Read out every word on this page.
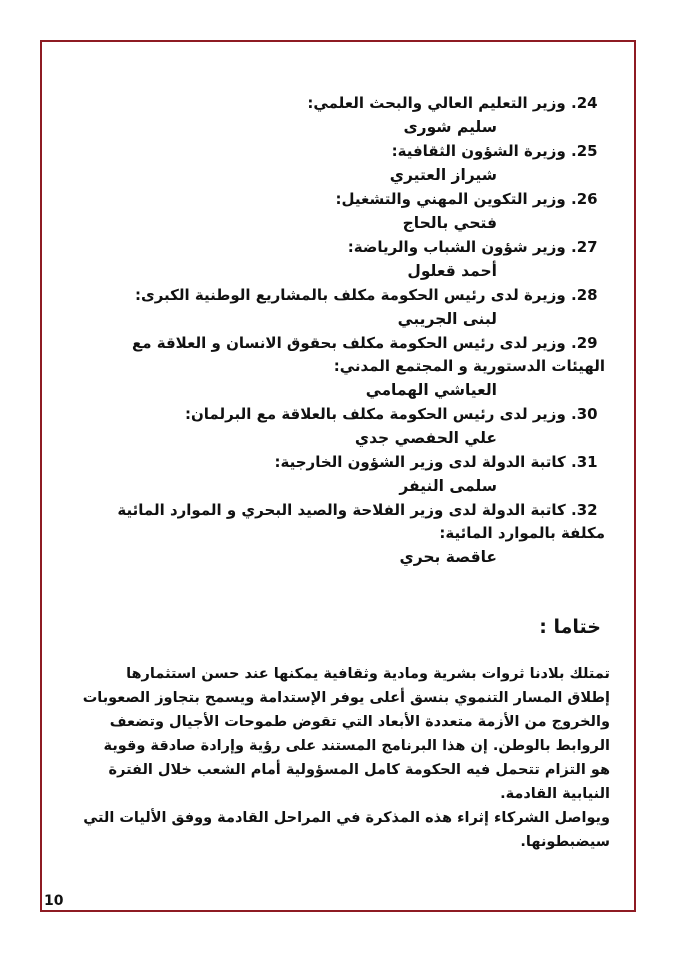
24. وزير التعليم العالي والبحث العلمي:
سليم شورى
25. وزيرة الشؤون الثقافية:
شيراز العتيري
26. وزير التكوين المهني والتشغيل:
فتحي بالحاج
27. وزير شؤون الشباب والرياضة:
أحمد قعلول
28. وزيرة لدى رئيس الحكومة مكلف بالمشاريع الوطنية الكبرى:
لبنى الجريبي
29. وزير لدى رئيس الحكومة مكلف بحقوق الانسان و العلاقة مع
الهيئات الدستورية و المجتمع المدني:
العياشي الهمامي
30. وزير لدى رئيس الحكومة مكلف بالعلاقة مع البرلمان:
علي الحفصي جدي
31. كاتبة الدولة لدى وزير الشؤون الخارجية:
سلمى النيفر
32. كاتبة الدولة لدى وزير الفلاحة والصيد البحري و الموارد المائية
مكلفة بالموارد المائية:
عاقصة بحري
ختاما :

تمتلك بلادنا ثروات بشرية ومادية وثقافية يمكنها عند حسن استثمارها إطلاق المسار التنموي بنسق أعلى يوفر الإستدامة ويسمح بتجاوز الصعوبات والخروج من الأزمة متعددة الأبعاد التي تقوض طموحات الأجيال وتضعف الروابط بالوطن. إن هذا البرنامج المستند على رؤية وإرادة صادقة وقوية هو التزام تتحمل فيه الحكومة كامل المسؤولية أمام الشعب خلال الفترة النيابية القادمة.

ويواصل الشركاء إثراء هذه المذكرة في المراحل القادمة ووفق الأليات التي سيضبطونها.

10
